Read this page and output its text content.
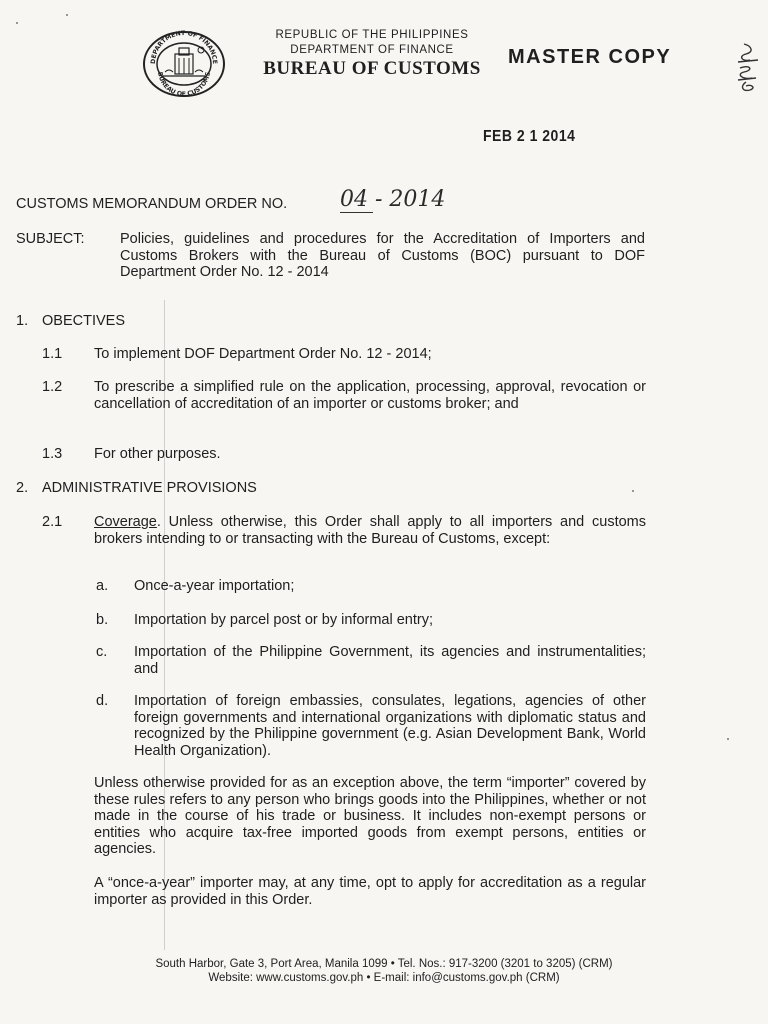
DEPARTMENT OF FINANCE
BUREAU OF CUSTOMS
REPUBLIC OF THE PHILIPPINES
DEPARTMENT OF FINANCE
BUREAU OF CUSTOMS
MASTER COPY
FEB 2 1 2014
CUSTOMS MEMORANDUM ORDER NO. 04 - 2014
SUBJECT: Policies, guidelines and procedures for the Accreditation of Importers and Customs Brokers with the Bureau of Customs (BOC) pursuant to DOF Department Order No. 12 - 2014
1. OBECTIVES
1.1 To implement DOF Department Order No. 12 - 2014;
1.2 To prescribe a simplified rule on the application, processing, approval, revocation or cancellation of accreditation of an importer or customs broker; and
1.3 For other purposes.
2. ADMINISTRATIVE PROVISIONS
2.1 Coverage. Unless otherwise, this Order shall apply to all importers and customs brokers intending to or transacting with the Bureau of Customs, except:
a. Once-a-year importation;
b. Importation by parcel post or by informal entry;
c. Importation of the Philippine Government, its agencies and instrumentalities; and
d. Importation of foreign embassies, consulates, legations, agencies of other foreign governments and international organizations with diplomatic status and recognized by the Philippine government (e.g. Asian Development Bank, World Health Organization).
Unless otherwise provided for as an exception above, the term “importer” covered by these rules refers to any person who brings goods into the Philippines, whether or not made in the course of his trade or business. It includes non-exempt persons or entities who acquire tax-free imported goods from exempt persons, entities or agencies.
A “once-a-year” importer may, at any time, opt to apply for accreditation as a regular importer as provided in this Order.
South Harbor, Gate 3, Port Area, Manila 1099 • Tel. Nos.: 917-3200 (3201 to 3205) (CRM)
Website: www.customs.gov.ph • E-mail: info@customs.gov.ph (CRM)
